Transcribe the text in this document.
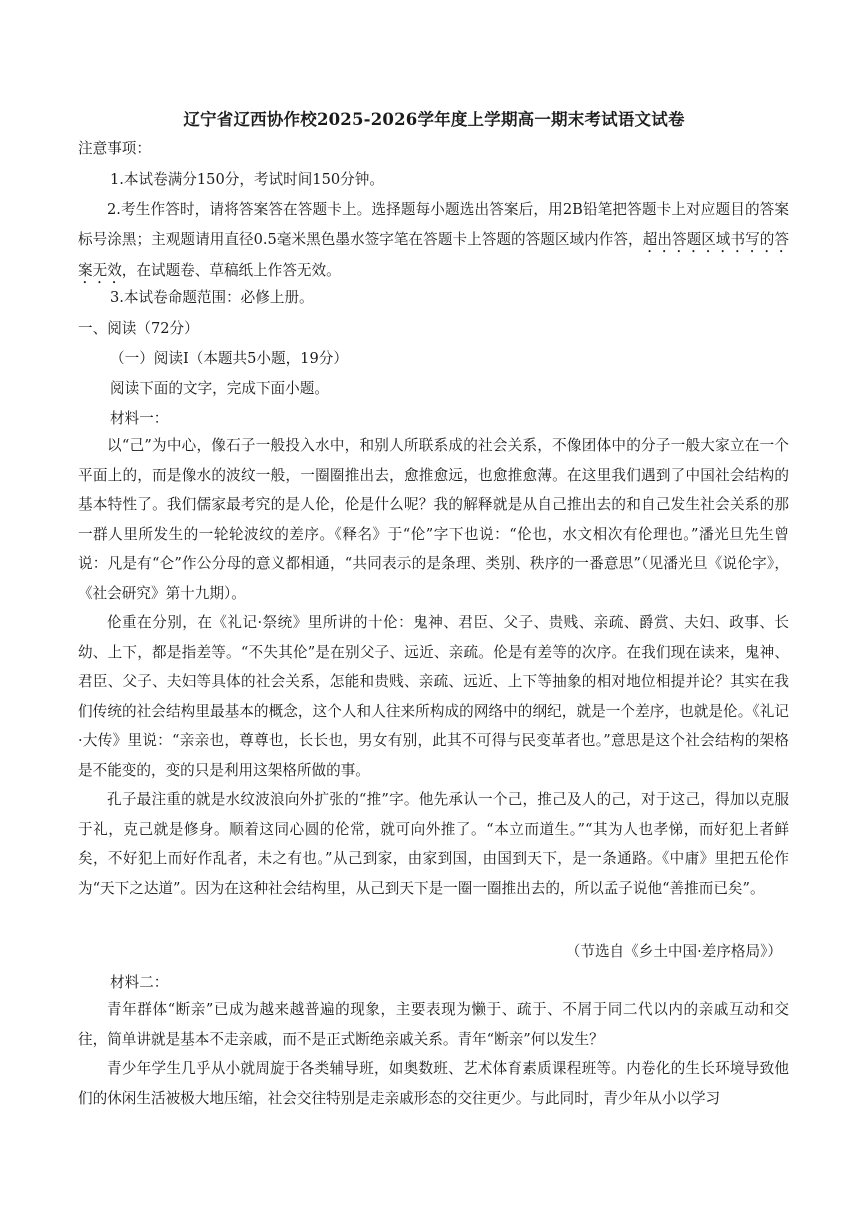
辽宁省辽西协作校2025-2026学年度上学期高一期末考试语文试卷
注意事项：
1.本试卷满分150分，考试时间150分钟。
2.考生作答时，请将答案答在答题卡上。选择题每小题选出答案后，用2B铅笔把答题卡上对应题目的答案标号涂黑；主观题请用直径0.5毫米黑色墨水签字笔在答题卡上答题的答题区域内作答，超出答题区域书写的答案无效，在试题卷、草稿纸上作答无效。
3.本试卷命题范围：必修上册。
一、阅读（72分）
（一）阅读Ⅰ（本题共5小题，19分）
阅读下面的文字，完成下面小题。
材料一：
以“己”为中心，像石子一般投入水中，和别人所联系成的社会关系，不像团体中的分子一般大家立在一个平面上的，而是像水的波纹一般，一圈圈推出去，愈推愈远，也愈推愈薄。在这里我们遇到了中国社会结构的基本特性了。我们儒家最考究的是人伦，伦是什么呢？我的解释就是从自己推出去的和自己发生社会关系的那一群人里所发生的一轮轮波纹的差序。《释名》于“伦”字下也说：“伦也，水文相次有伦理也。”潘光旦先生曾说：凡是有“仑”作公分母的意义都相通，“共同表示的是条理、类别、秩序的一番意思”（见潘光旦《说伦字》，《社会研究》第十九期）。
伦重在分别，在《礼记·祭统》里所讲的十伦：鬼神、君臣、父子、贵贱、亲疏、爵赏、夫妇、政事、长幼、上下，都是指差等。“不失其伦”是在别父子、远近、亲疏。伦是有差等的次序。在我们现在读来，鬼神、君臣、父子、夫妇等具体的社会关系，怎能和贵贱、亲疏、远近、上下等抽象的相对地位相提并论？其实在我们传统的社会结构里最基本的概念，这个人和人往来所构成的网络中的纲纪，就是一个差序，也就是伦。《礼记·大传》里说：“亲亲也，尊尊也，长长也，男女有别，此其不可得与民变革者也。”意思是这个社会结构的架格是不能变的，变的只是利用这架格所做的事。
孔子最注重的就是水纹波浪向外扩张的“推”字。他先承认一个己，推己及人的己，对于这己，得加以克服于礼，克己就是修身。顺着这同心圆的伦常，就可向外推了。“本立而道生。”“其为人也孝悌，而好犯上者鲜矣，不好犯上而好作乱者，未之有也。”从己到家，由家到国，由国到天下，是一条通路。《中庸》里把五伦作为“天下之达道”。因为在这种社会结构里，从己到天下是一圈一圈推出去的，所以孟子说他“善推而已矣”。
（节选自《乡土中国·差序格局》）
材料二：
青年群体“断亲”已成为越来越普遍的现象，主要表现为懒于、疏于、不屑于同二代以内的亲戚互动和交往，简单讲就是基本不走亲戚，而不是正式断绝亲戚关系。青年“断亲”何以发生？
青少年学生几乎从小就周旋于各类辅导班，如奥数班、艺术体育素质课程班等。内卷化的生长环境导致他们的休闲生活被极大地压缩，社会交往特别是走亲戚形态的交往更少。与此同时，青少年从小以学习
